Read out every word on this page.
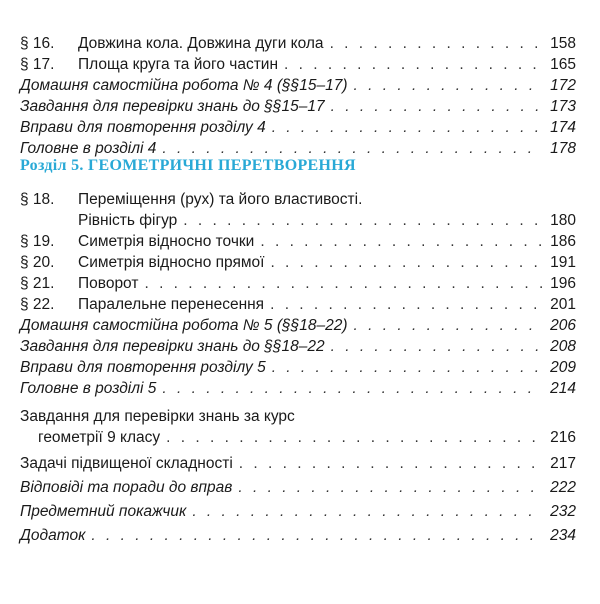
§ 16. Довжина кола. Довжина дуги кола . . .	158
§ 17. Площа круга та його частин . . .	165
Домашня самостійна робота № 4 (§§15–17) . . .	172
Завдання для перевірки знань до §§15–17 . . .	173
Вправи для повторення розділу 4 . . .	174
Головне в розділі 4 . . .	178
Розділ 5. ГЕОМЕТРИЧНІ ПЕРЕТВОРЕННЯ
§ 18. Переміщення (рух) та його властивості.
Рівність фігур . . .	180
§ 19. Симетрія відносно точки . . .	186
§ 20. Симетрія відносно прямої . . .	191
§ 21. Поворот . . .	196
§ 22. Паралельне перенесення . . .	201
Домашня самостійна робота № 5 (§§18–22) . . .	206
Завдання для перевірки знань до §§18–22 . . .	208
Вправи для повторення розділу 5 . . .	209
Головне в розділі 5 . . .	214
Завдання для перевірки знань за курс
геометрії 9 класу . . .	216
Задачі підвищеної складності . . .	217
Відповіді та поради до вправ . . .	222
Предметний покажчик . . .	232
Додаток . . .	234
